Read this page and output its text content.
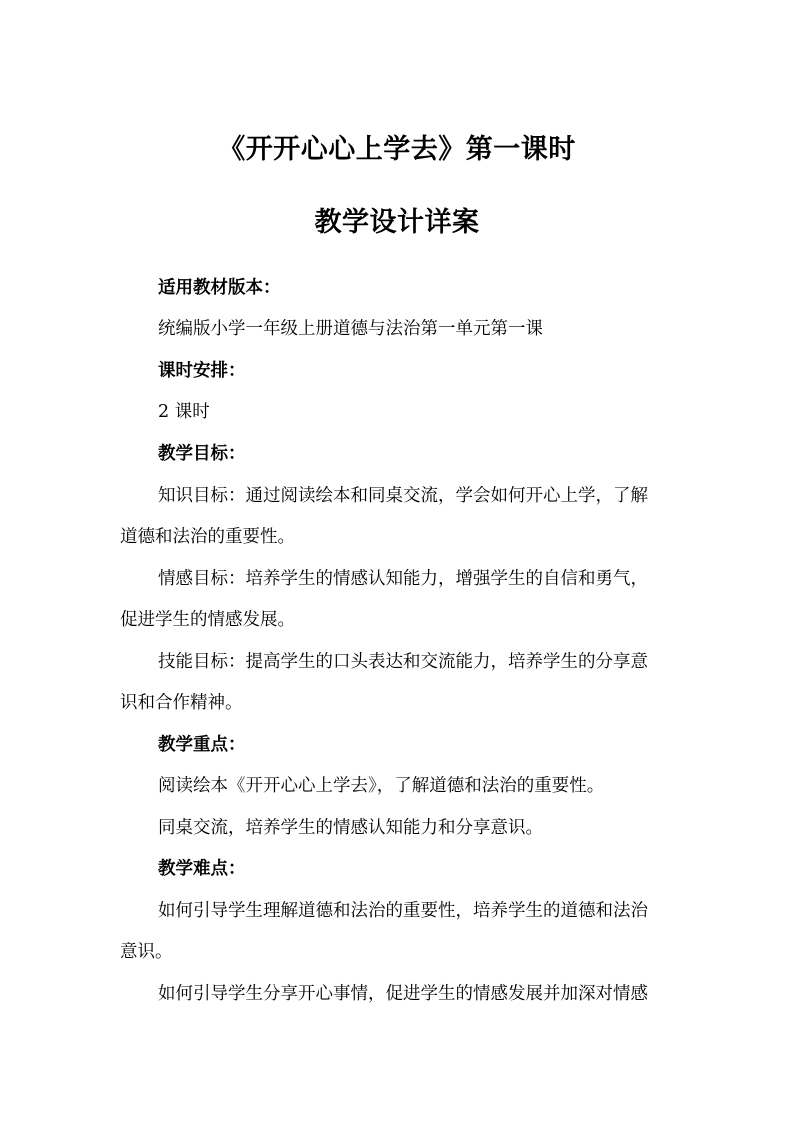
《开开心心上学去》第一课时
教学设计详案
适用教材版本：
统编版小学一年级上册道德与法治第一单元第一课
课时安排：
2 课时
教学目标：
知识目标：通过阅读绘本和同桌交流，学会如何开心上学，了解
道德和法治的重要性。
情感目标：培养学生的情感认知能力，增强学生的自信和勇气，
促进学生的情感发展。
技能目标：提高学生的口头表达和交流能力，培养学生的分享意
识和合作精神。
教学重点：
阅读绘本《开开心心上学去》，了解道德和法治的重要性。
同桌交流，培养学生的情感认知能力和分享意识。
教学难点：
如何引导学生理解道德和法治的重要性，培养学生的道德和法治
意识。
如何引导学生分享开心事情，促进学生的情感发展并加深对情感
